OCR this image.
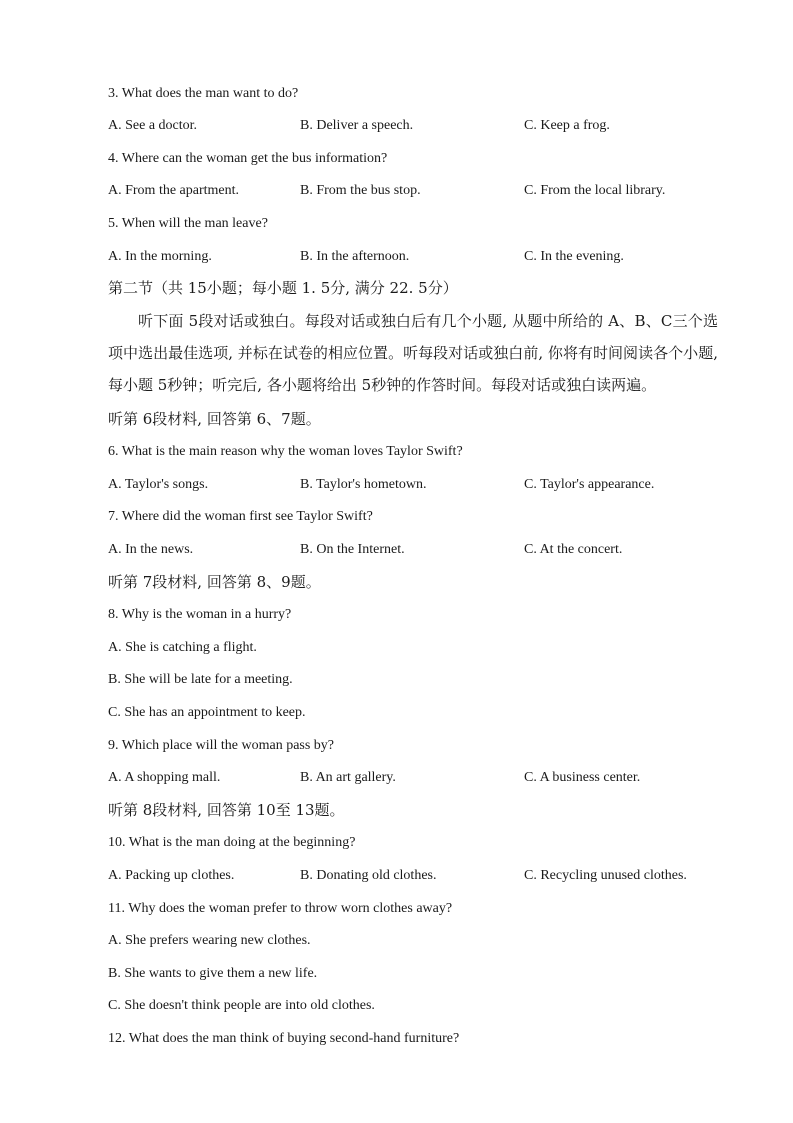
3. What does the man want to do?
A. See a doctor.	B. Deliver a speech.	C. Keep a frog.
4. Where can the woman get the bus information?
A. From the apartment.	B. From the bus stop.	C. From the local library.
5. When will the man leave?
A. In the morning.	B. In the afternoon.	C. In the evening.
第二节（共 15小题；每小题 1. 5分, 满分 22. 5分）
听下面 5段对话或独白。每段对话或独白后有几个小题, 从题中所给的 A、B、C三个选项中选出最佳选项, 并标在试卷的相应位置。听每段对话或独白前, 你将有时间阅读各个小题, 每小题 5秒钟；听完后, 各小题将给出 5秒钟的作答时间。每段对话或独白读两遍。
听第 6段材料, 回答第 6、7题。
6. What is the main reason why the woman loves Taylor Swift?
A. Taylor's songs.	B. Taylor's hometown.	C. Taylor's appearance.
7. Where did the woman first see Taylor Swift?
A. In the news.	B. On the Internet.	C. At the concert.
听第 7段材料, 回答第 8、9题。
8. Why is the woman in a hurry?
A. She is catching a flight.
B. She will be late for a meeting.
C. She has an appointment to keep.
9. Which place will the woman pass by?
A. A shopping mall.	B. An art gallery.	C. A business center.
听第 8段材料, 回答第 10至 13题。
10. What is the man doing at the beginning?
A. Packing up clothes.	B. Donating old clothes.	C. Recycling unused clothes.
11. Why does the woman prefer to throw worn clothes away?
A. She prefers wearing new clothes.
B. She wants to give them a new life.
C. She doesn't think people are into old clothes.
12. What does the man think of buying second-hand furniture?
